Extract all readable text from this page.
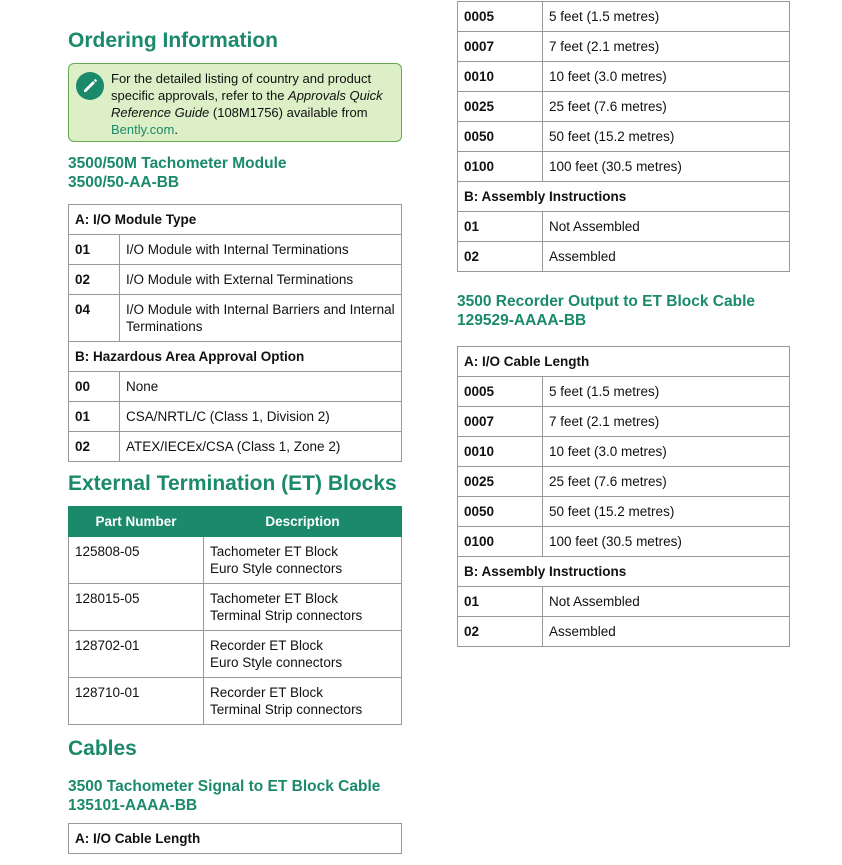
Ordering Information
For the detailed listing of country and product specific approvals, refer to the Approvals Quick Reference Guide (108M1756) available from Bently.com.
3500/50M Tachometer Module
3500/50-AA-BB
A: I/O Module Type	
01	I/O Module with Internal Terminations
02	I/O Module with External Terminations
04	I/O Module with Internal Barriers and Internal Terminations
B: Hazardous Area Approval Option	
00	None
01	CSA/NRTL/C (Class 1, Division 2)
02	ATEX/IECEx/CSA (Class 1, Zone 2)
External Termination (ET) Blocks
Part Number	Description
125808-05	Tachometer ET Block
Euro Style connectors

128015-05	Tachometer ET Block
Terminal Strip connectors

128702-01	Recorder ET Block
Euro Style connectors

128710-01	Recorder ET Block
Terminal Strip connectors
Cables
3500 Tachometer Signal to ET Block Cable
135101-AAAA-BB
A: I/O Cable Length
0005	5 feet (1.5 metres)
0007	7 feet (2.1 metres)
0010	10 feet (3.0 metres)
0025	25 feet (7.6 metres)
0050	50 feet (15.2 metres)
0100	100 feet (30.5 metres)
B: Assembly Instructions	
01	Not Assembled
02	Assembled
3500 Recorder Output to ET Block Cable
129529-AAAA-BB
A: I/O Cable Length	
0005	5 feet (1.5 metres)
0007	7 feet (2.1 metres)
0010	10 feet (3.0 metres)
0025	25 feet (7.6 metres)
0050	50 feet (15.2 metres)
0100	100 feet (30.5 metres)
B: Assembly Instructions	
01	Not Assembled
02	Assembled
